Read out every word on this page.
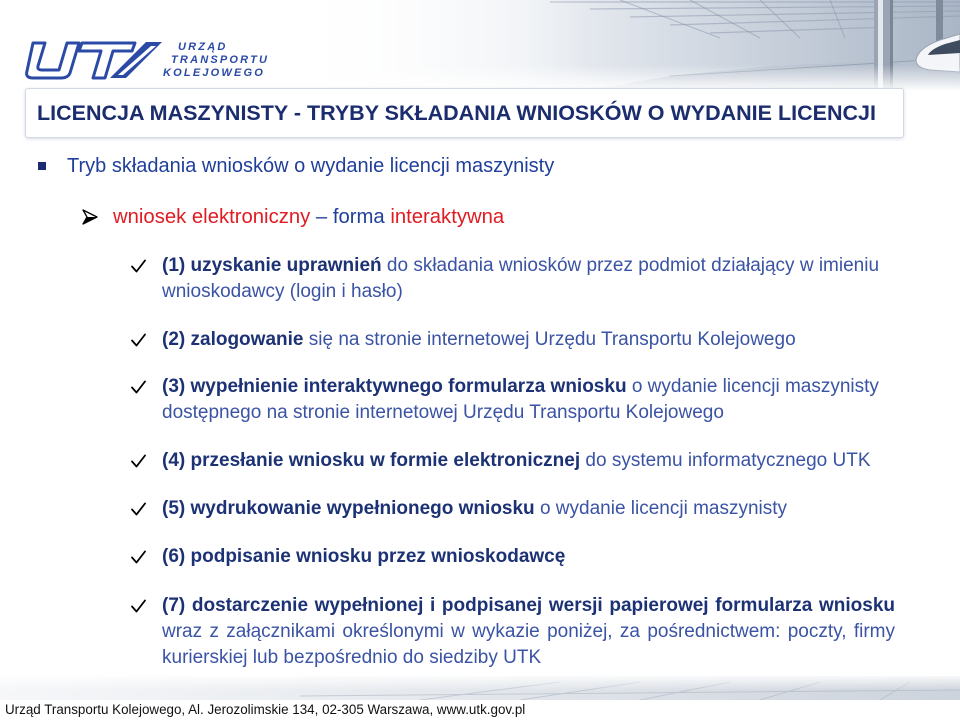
URZĄD
TRANSPORTU
KOLEJOWEGO
LICENCJA MASZYNISTY - TRYBY SKŁADANIA WNIOSKÓW O WYDANIE LICENCJI
Tryb składania wniosków o wydanie licencji maszynisty
wniosek elektroniczny – forma interaktywna
(1) uzyskanie uprawnień do składania wniosków przez podmiot działający w imieniu wnioskodawcy (login i hasło)
(2) zalogowanie się na stronie internetowej Urzędu Transportu Kolejowego
(3) wypełnienie interaktywnego formularza wniosku o wydanie licencji maszynisty dostępnego na stronie internetowej Urzędu Transportu Kolejowego
(4) przesłanie wniosku w formie elektronicznej do systemu informatycznego UTK
(5) wydrukowanie wypełnionego wniosku o wydanie licencji maszynisty
(6) podpisanie wniosku przez wnioskodawcę
(7) dostarczenie wypełnionej i podpisanej wersji papierowej formularza wniosku wraz z załącznikami określonymi w wykazie poniżej, za pośrednictwem: poczty, firmy kurierskiej lub bezpośrednio do siedziby UTK
Urząd Transportu Kolejowego, Al. Jerozolimskie 134, 02-305 Warszawa, www.utk.gov.pl
